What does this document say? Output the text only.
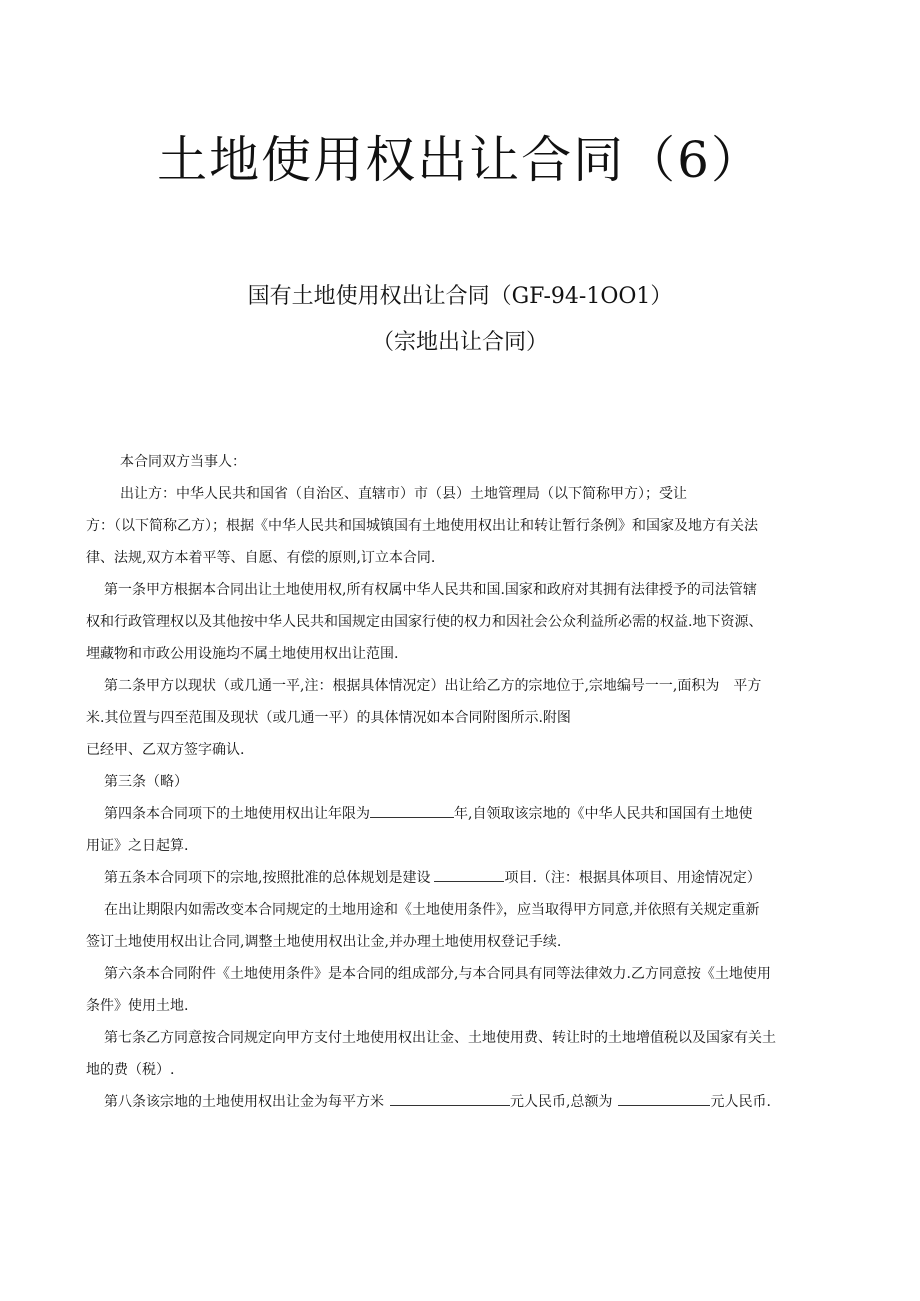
土地使用权出让合同（6）
国有土地使用权出让合同（GF-94-1OO1）
（宗地出让合同）

本合同双方当事人：

出让方：中华人民共和国省（自治区、直辖市）市（县）土地管理局（以下简称甲方）；受让

方：（以下简称乙方）；根据《中华人民共和国城镇国有土地使用权出让和转让暂行条例》和国家及地方有关法

律、法规,双方本着平等、自愿、有偿的原则,订立本合同.

第一条甲方根据本合同出让土地使用权,所有权属中华人民共和国.国家和政府对其拥有法律授予的司法管辖

权和行政管理权以及其他按中华人民共和国规定由国家行使的权力和因社会公众利益所必需的权益.地下资源、

埋藏物和市政公用设施均不属土地使用权出让范围.

第二条甲方以现状（或几通一平,注：根据具体情况定）出让给乙方的宗地位于,宗地编号一一,面积为　平方

米.其位置与四至范围及现状（或几通一平）的具体情况如本合同附图所示.附图

已经甲、乙双方签字确认.

第三条（略）

第四条本合同项下的土地使用权出让年限为	年,自领取该宗地的《中华人民共和国国有土地使

用证》之日起算.

第五条本合同项下的宗地,按照批准的总体规划是建设	项目.（注：根据具体项目、用途情况定）

在出让期限内如需改变本合同规定的土地用途和《土地使用条件》，应当取得甲方同意,并依照有关规定重新

签订土地使用权出让合同,调整土地使用权出让金,并办理土地使用权登记手续.

第六条本合同附件《土地使用条件》是本合同的组成部分,与本合同具有同等法律效力.乙方同意按《土地使用

条件》使用土地.

第七条乙方同意按合同规定向甲方支付土地使用权出让金、土地使用费、转让时的土地增值税以及国家有关土

地的费（税）.

第八条该宗地的土地使用权出让金为每平方米	元人民币,总额为	元人民币.
